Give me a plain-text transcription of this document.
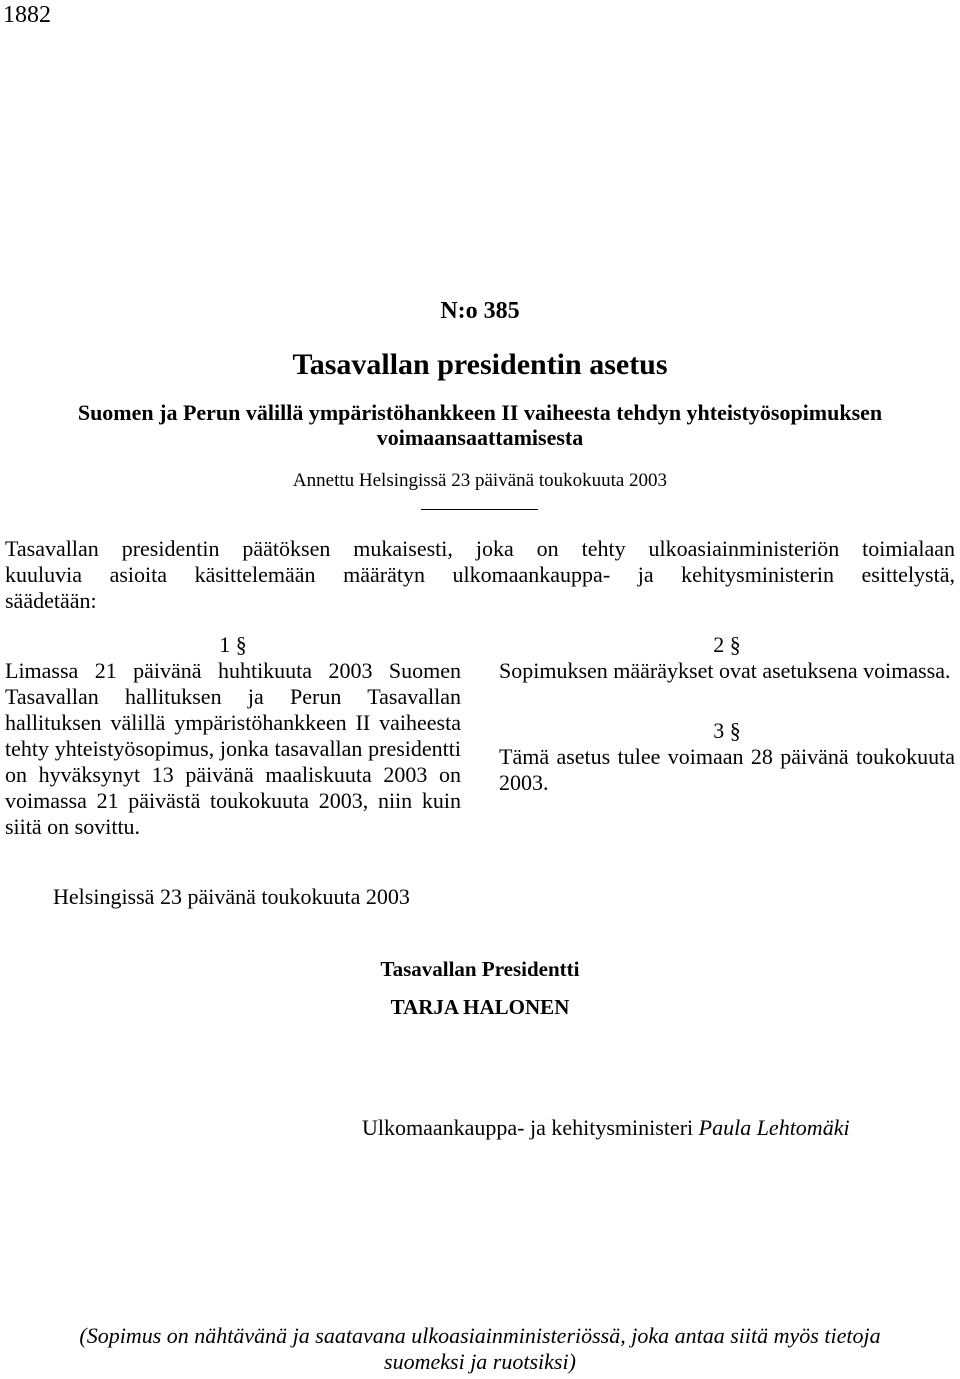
1882
N:o 385
Tasavallan presidentin asetus
Suomen ja Perun välillä ympäristöhankkeen II vaiheesta tehdyn yhteistyösopimuksen
voimaansaattamisesta
Annettu Helsingissä 23 päivänä toukokuuta 2003
Tasavallan presidentin päätöksen mukaisesti, joka on tehty ulkoasiainministeriön toimialaan
kuuluvia asioita käsittelemään määrätyn ulkomaankauppa- ja kehitysministerin esittelystä,
säädetään:
1 §
Limassa 21 päivänä huhtikuuta 2003 Suomen Tasavallan hallituksen ja Perun Tasavallan hallituksen välillä ympäristöhankkeen II vaiheesta tehty yhteistyösopimus, jonka tasavallan presidentti on hyväksynyt 13 päivänä maaliskuuta 2003 on voimassa 21 päivästä toukokuuta 2003, niin kuin siitä on sovittu.
2 §
Sopimuksen määräykset ovat asetuksena voimassa.
3 §
Tämä asetus tulee voimaan 28 päivänä toukokuuta 2003.
Helsingissä 23 päivänä toukokuuta 2003
Tasavallan Presidentti
TARJA HALONEN
Ulkomaankauppa- ja kehitysministeri Paula Lehtomäki
(Sopimus on nähtävänä ja saatavana ulkoasiainministeriössä, joka antaa siitä myös tietoja
suomeksi ja ruotsiksi)
